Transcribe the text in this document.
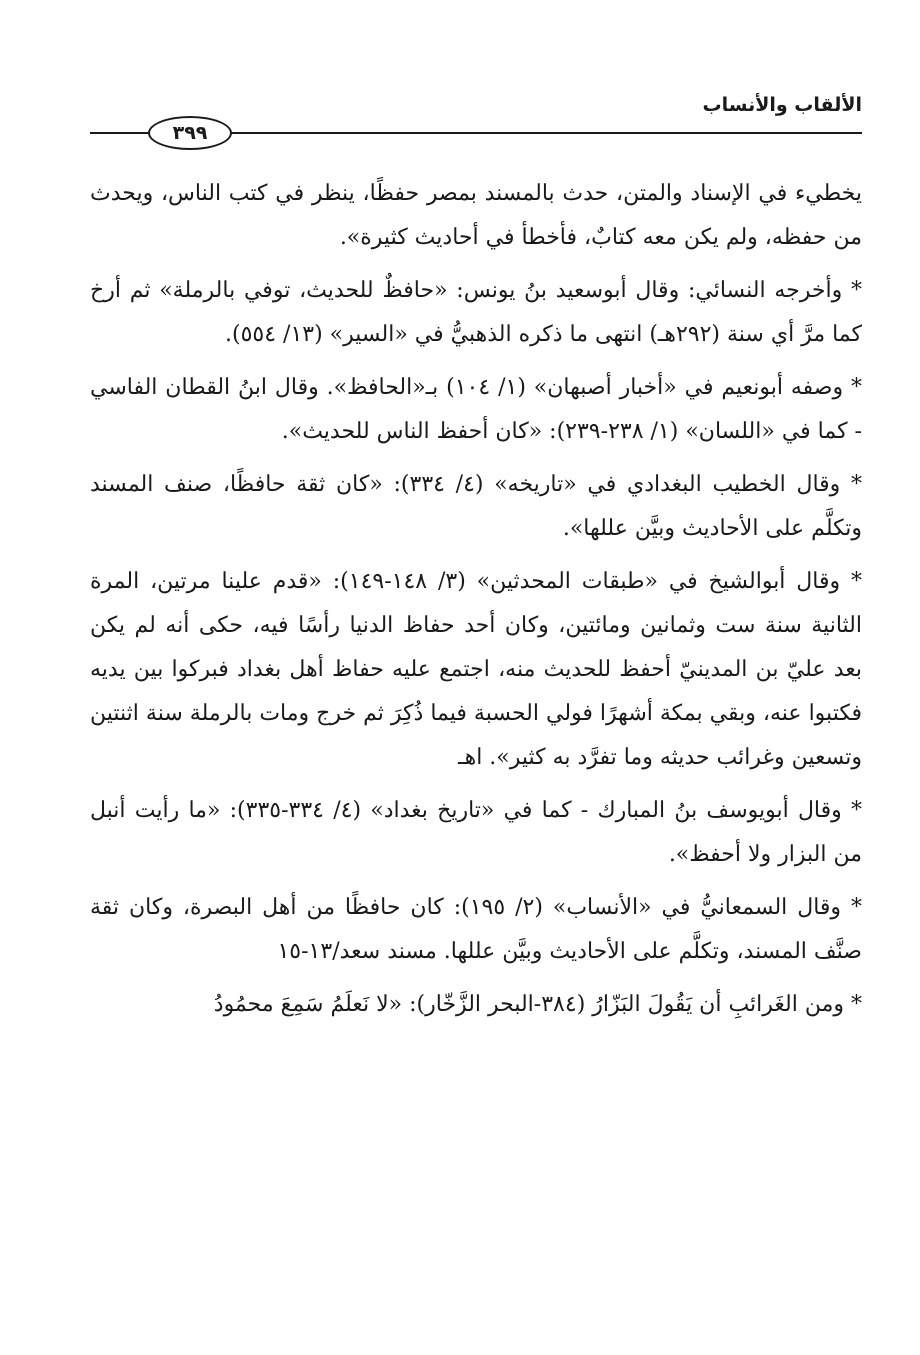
الألقاب والأنساب
٣٩٩

يخطيء في الإسناد والمتن، حدث بالمسند بمصر حفظًا، ينظر في كتب الناس، ويحدث من حفظه، ولم يكن معه كتابٌ، فأخطأ في أحاديث كثيرة».

* وأخرجه النسائي: وقال أبوسعيد بنُ يونس: «حافظٌ للحديث، توفي بالرملة» ثم أرخ كما مرَّ أي سنة (٢٩٢هـ) انتهى ما ذكره الذهبيُّ في «السير» (١٣/ ٥٥٤).

* وصفه أبونعيم في «أخبار أصبهان» (١/ ١٠٤) بـ«الحافظ». وقال ابنُ القطان الفاسي - كما في «اللسان» (١/ ٢٣٨-٢٣٩): «كان أحفظ الناس للحديث».

* وقال الخطيب البغدادي في «تاريخه» (٤/ ٣٣٤): «كان ثقة حافظًا، صنف المسند وتكلَّم على الأحاديث وبيَّن عللها».

* وقال أبوالشيخ في «طبقات المحدثين» (٣/ ١٤٨-١٤٩): «قدم علينا مرتين، المرة الثانية سنة ست وثمانين ومائتين، وكان أحد حفاظ الدنيا رأسًا فيه، حكى أنه لم يكن بعد عليّ بن المدينيّ أحفظ للحديث منه، اجتمع عليه حفاظ أهل بغداد فبركوا بين يديه فكتبوا عنه، وبقي بمكة أشهرًا فولي الحسبة فيما ذُكِرَ ثم خرج ومات بالرملة سنة اثنتين وتسعين وغرائب حديثه وما تفرَّد به كثير». اهـ

* وقال أبويوسف بنُ المبارك - كما في «تاريخ بغداد» (٤/ ٣٣٤-٣٣٥): «ما رأيت أنبل من البزار ولا أحفظ».

* وقال السمعانيُّ في «الأنساب» (٢/ ١٩٥): كان حافظًا من أهل البصرة، وكان ثقة صنَّف المسند، وتكلَّم على الأحاديث وبيَّن عللها. مسند سعد/١٣-١٥

* ومن الغَرائبِ أن يَقُولَ البَزّارُ (٣٨٤-البحر الزَّخّار): «لا نَعلَمُ سَمِعَ محمُودُ
